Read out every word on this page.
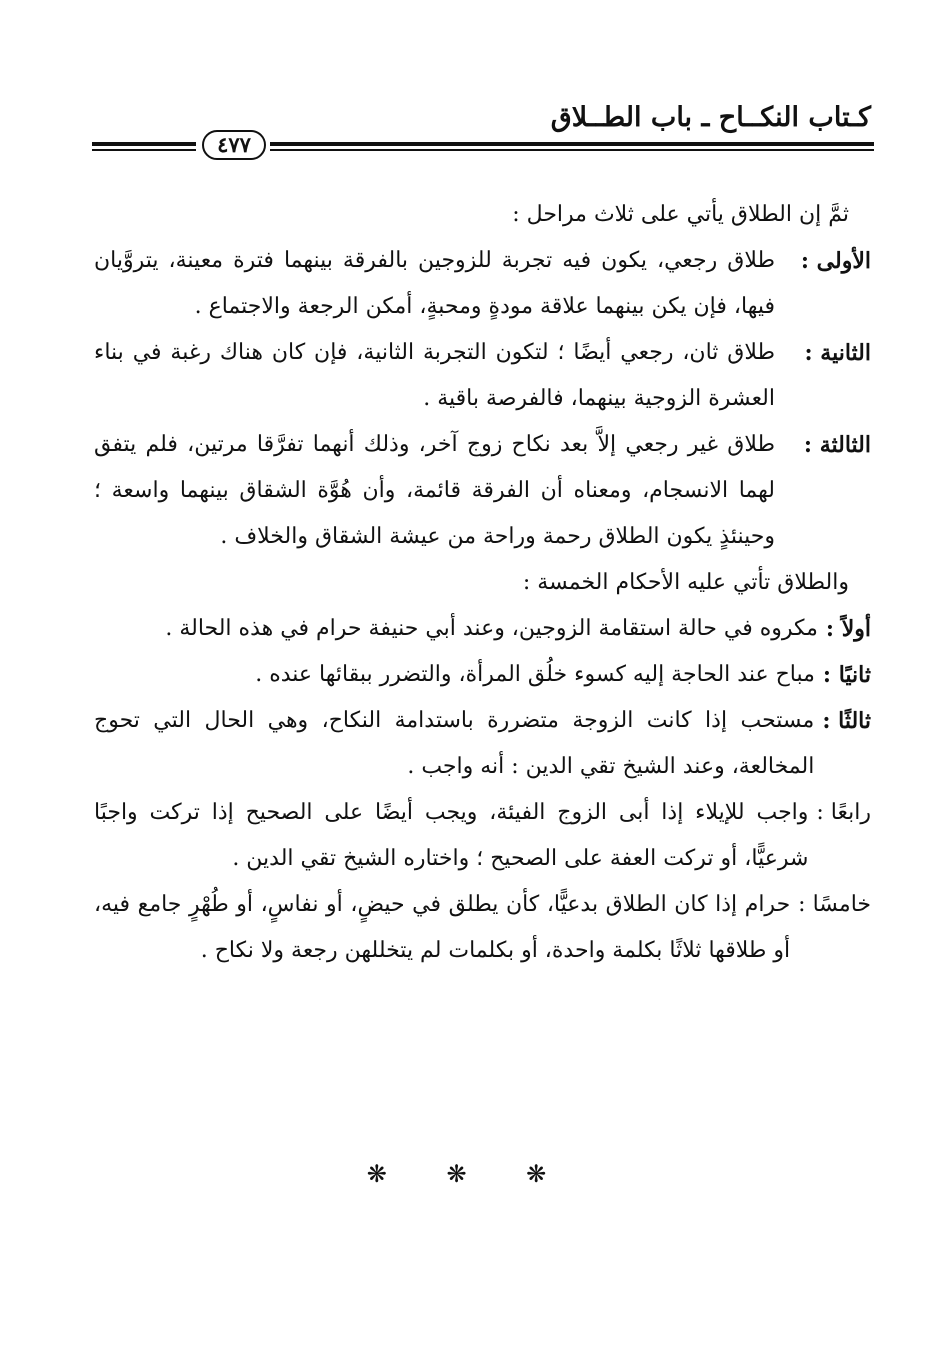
كـتاب النكــاح ـ باب الطــلاق
٤٧٧

ثمَّ إن الطلاق يأتي على ثلاث مراحل :

الأولى :
طلاق رجعي، يكون فيه تجربة للزوجين بالفرقة بينهما فترة معينة، يتروَّيان فيها، فإن يكن بينهما علاقة مودةٍ ومحبةٍ، أمكن الرجعة والاجتماع .
الثانية :
طلاق ثان، رجعي أيضًا ؛ لتكون التجربة الثانية، فإن كان هناك رغبة في بناء العشرة الزوجية بينهما، فالفرصة باقية .
الثالثة :
طلاق غير رجعي إلاَّ بعد نكاح زوج آخر، وذلك أنهما تفرَّقا مرتين، فلم يتفق لهما الانسجام، ومعناه أن الفرقة قائمة، وأن هُوَّة الشقاق بينهما واسعة ؛ وحينئذٍ يكون الطلاق رحمة وراحة من عيشة الشقاق والخلاف .

والطلاق تأتي عليه الأحكام الخمسة :

أولاً :
مكروه في حالة استقامة الزوجين، وعند أبي حنيفة حرام في هذه الحالة .
ثانيًا :
مباح عند الحاجة إليه كسوء خلُق المرأة، والتضرر ببقائها عنده .
ثالثًا :
مستحب إذا كانت الزوجة متضررة باستدامة النكاح، وهي الحال التي تحوج المخالعة، وعند الشيخ تقي الدين : أنه واجب .
رابعًا :
واجب للإيلاء إذا أبى الزوج الفيئة، ويجب أيضًا على الصحيح إذا تركت واجبًا شرعيًّا، أو تركت العفة على الصحيح ؛ واختاره الشيخ تقي الدين .
خامسًا :
حرام إذا كان الطلاق بدعيًّا، كأن يطلق في حيضٍ، أو نفاسٍ، أو طُهْرٍ جامع فيه، أو طلاقها ثلاثًا بكلمة واحدة، أو بكلمات لم يتخللهن رجعة ولا نكاح .
❋ ❋ ❋
